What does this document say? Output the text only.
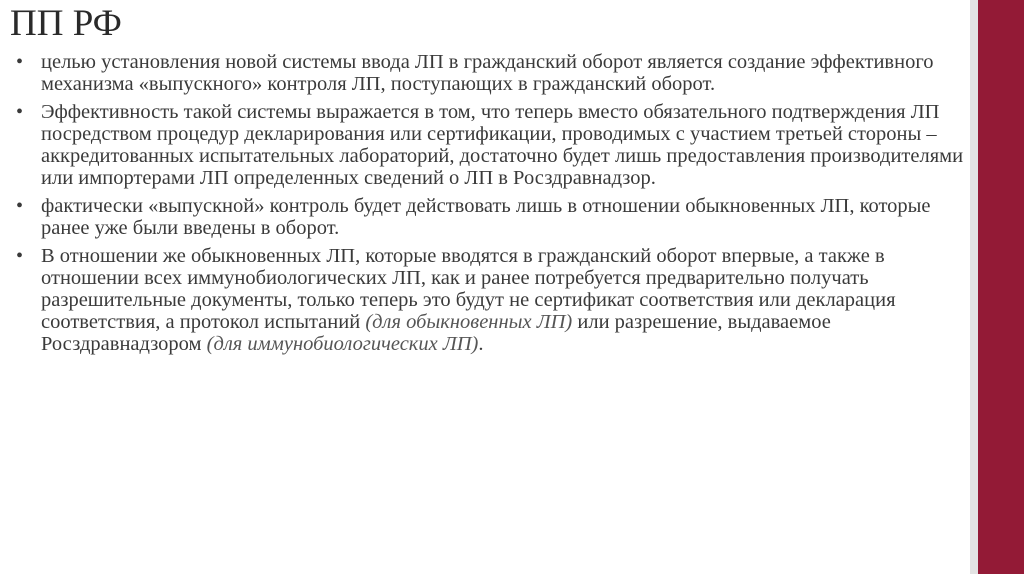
ПП РФ
• целью установления новой системы ввода ЛП в гражданский оборот является создание эффективного механизма «выпускного» контроля ЛП, поступающих в гражданский оборот.
• Эффективность такой системы выражается в том, что теперь вместо обязательного подтверждения ЛП посредством процедур декларирования или сертификации, проводимых с участием третьей стороны – аккредитованных испытательных лабораторий, достаточно будет лишь предоставления производителями или импортерами ЛП определенных сведений о ЛП в Росздравнадзор.
• фактически «выпускной» контроль будет действовать лишь в отношении обыкновенных ЛП, которые ранее уже были введены в оборот.
• В отношении же обыкновенных ЛП, которые вводятся в гражданский оборот впервые, а также в отношении всех иммунобиологических ЛП, как и ранее потребуется предварительно получать разрешительные документы, только теперь это будут не сертификат соответствия или декларация соответствия, а протокол испытаний (для обыкновенных ЛП) или разрешение, выдаваемое Росздравнадзором (для иммунобиологических ЛП).
